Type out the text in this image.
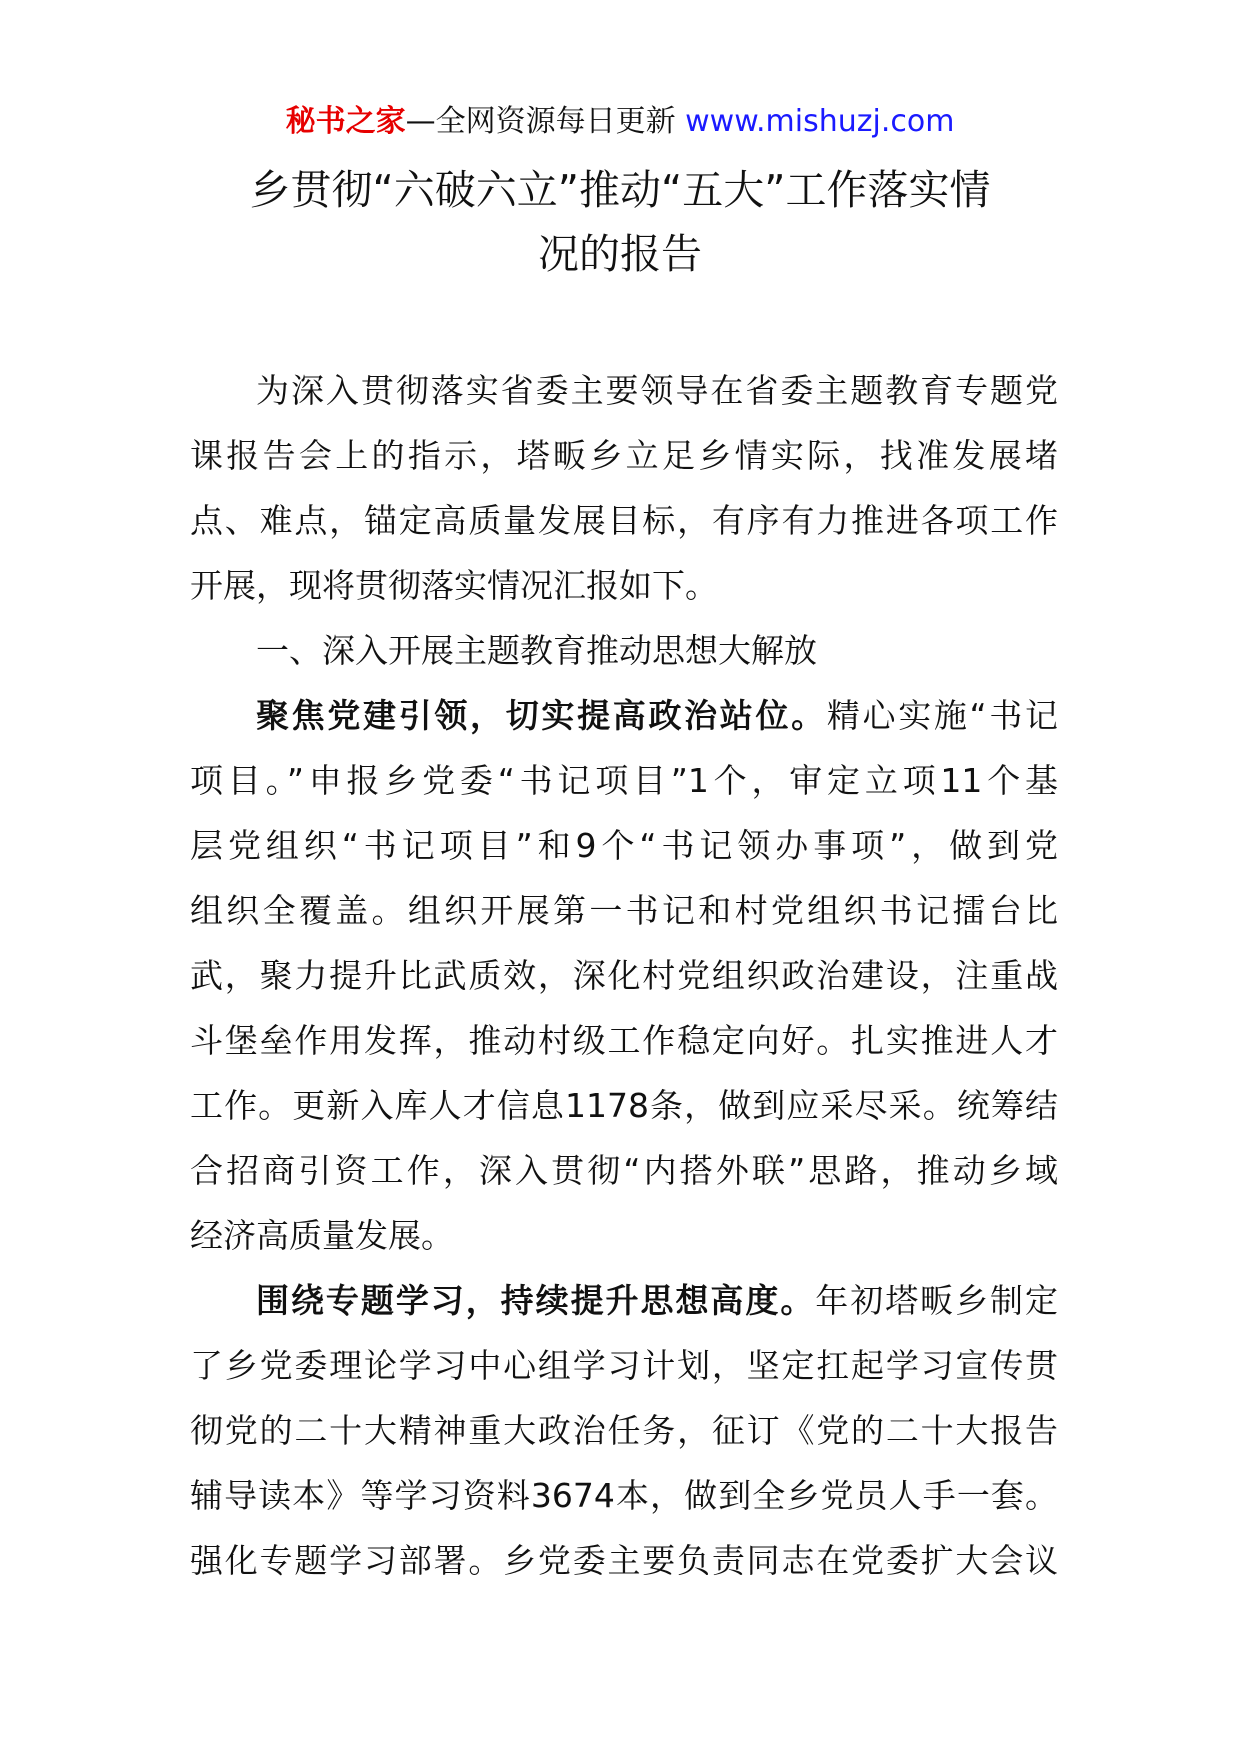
秘书之家—全网资源每日更新 www.mishuzj.com
乡贯彻“六破六立”推动“五大”工作落实情
况的报告
为深入贯彻落实省委主要领导在省委主题教育专题党
课报告会上的指示，塔畈乡立足乡情实际，找准发展堵
点、难点，锚定高质量发展目标，有序有力推进各项工作
开展，现将贯彻落实情况汇报如下。
一、深入开展主题教育推动思想大解放
聚焦党建引领，切实提高政治站位。精心实施“书记
项目。”申报乡党委“书记项目”1个，审定立项11个基
层党组织“书记项目”和9个“书记领办事项”，做到党
组织全覆盖。组织开展第一书记和村党组织书记擂台比
武，聚力提升比武质效，深化村党组织政治建设，注重战
斗堡垒作用发挥，推动村级工作稳定向好。扎实推进人才
工作。更新入库人才信息1178条，做到应采尽采。统筹结
合招商引资工作，深入贯彻“内搭外联”思路，推动乡域
经济高质量发展。
围绕专题学习，持续提升思想高度。年初塔畈乡制定
了乡党委理论学习中心组学习计划，坚定扛起学习宣传贯
彻党的二十大精神重大政治任务，征订《党的二十大报告
辅导读本》等学习资料3674本，做到全乡党员人手一套。
强化专题学习部署。乡党委主要负责同志在党委扩大会议
